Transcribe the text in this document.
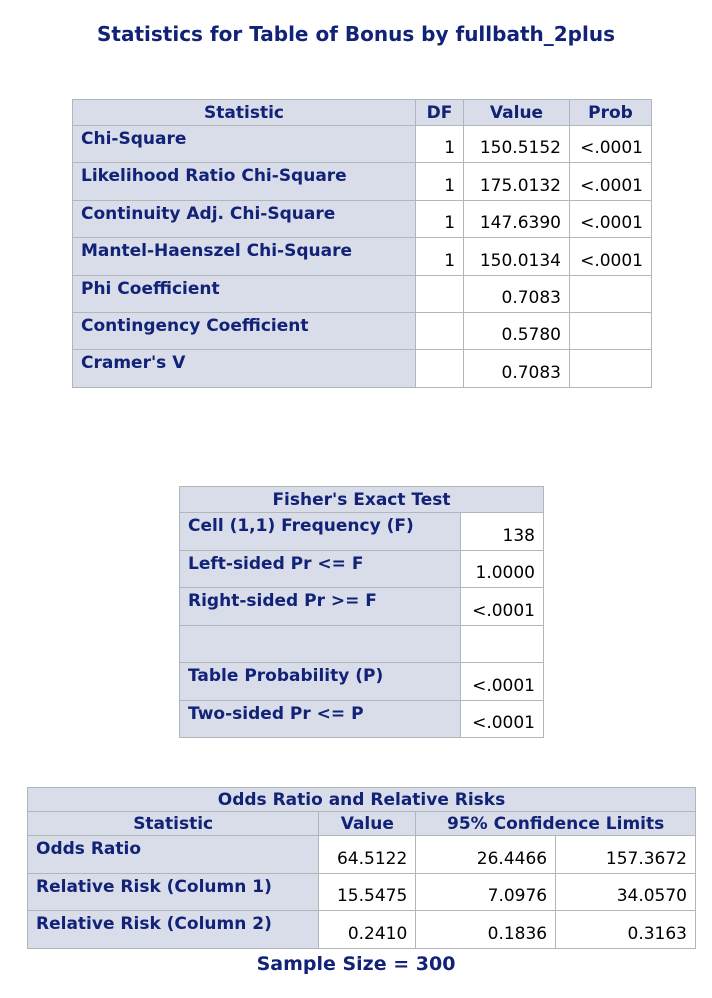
Statistics for Table of Bonus by fullbath_2plus
Statistic	DF	Value	Prob
Chi-Square	1	150.5152	<.0001
Likelihood Ratio Chi-Square	1	175.0132	<.0001
Continuity Adj. Chi-Square	1	147.6390	<.0001
Mantel-Haenszel Chi-Square	1	150.0134	<.0001
Phi Coefficient		0.7083	
Contingency Coefficient		0.5780	
Cramer's V		0.7083	
Fisher's Exact Test	
Cell (1,1) Frequency (F)	138
Left-sided Pr <= F	1.0000
Right-sided Pr >= F	<.0001

Table Probability (P)	<.0001
Two-sided Pr <= P	<.0001
Odds Ratio and Relative Risks			
Statistic	Value	95% Confidence Limits	
Odds Ratio	64.5122	26.4466	157.3672
Relative Risk (Column 1)	15.5475	7.0976	34.0570
Relative Risk (Column 2)	0.2410	0.1836	0.3163
Sample Size = 300
